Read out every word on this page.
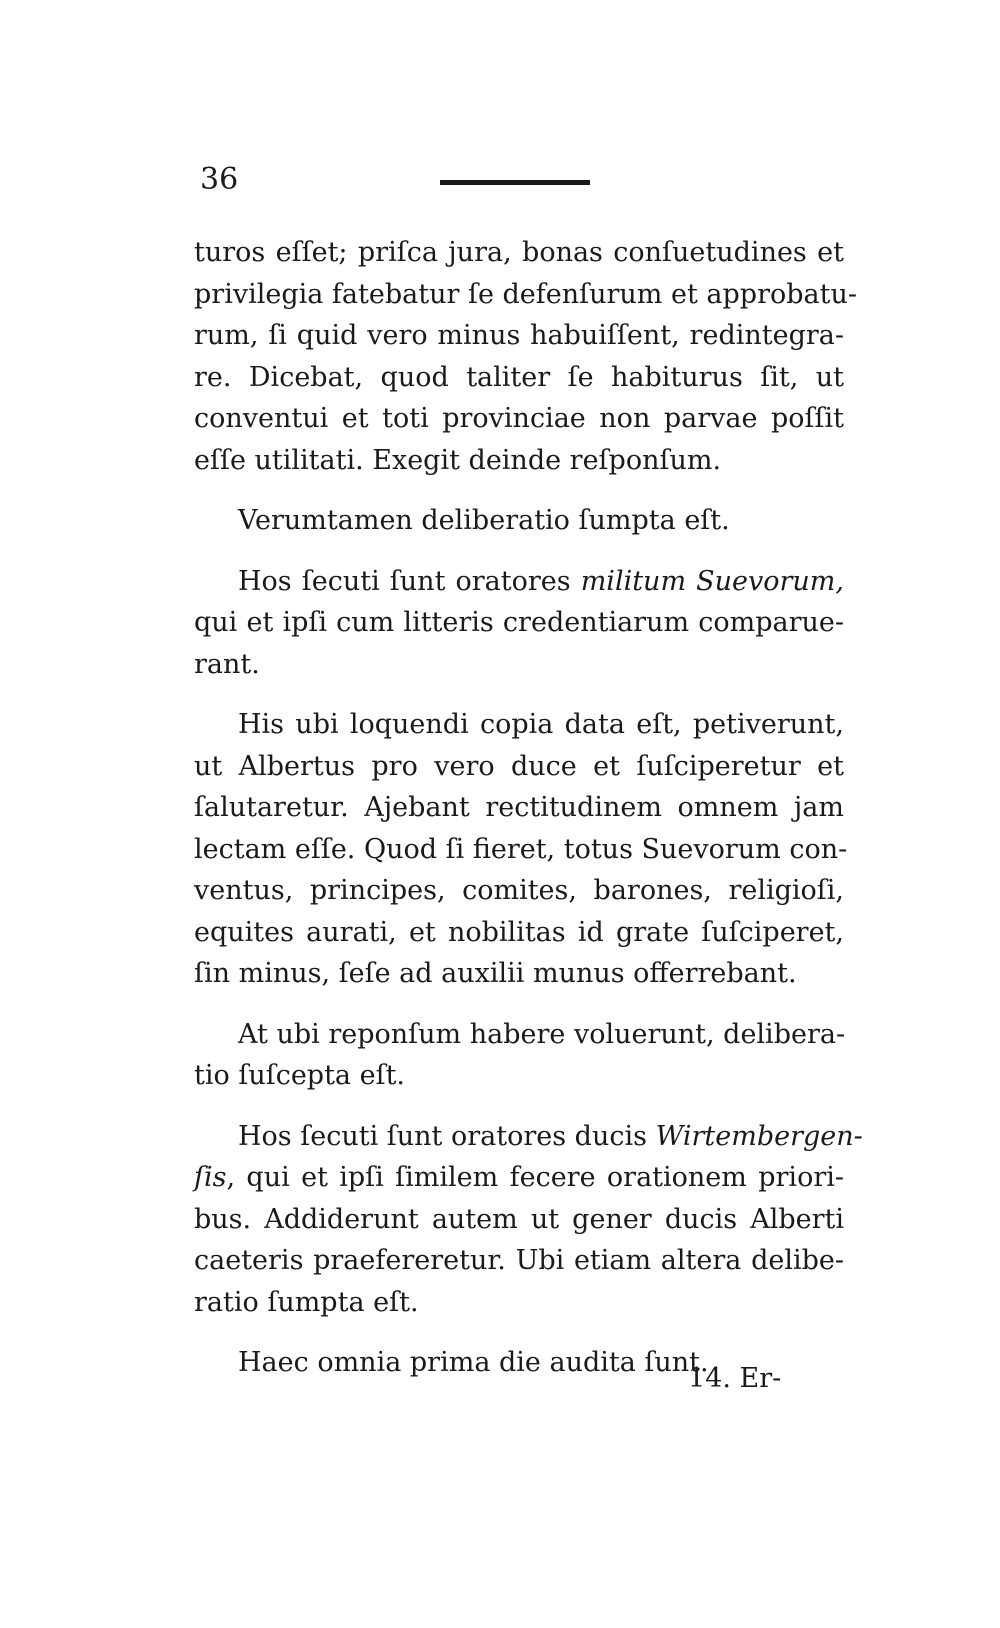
36

turos eſſet; priſca jura, bonas conſuetudines et
privilegia fatebatur ſe defenſurum et approbatu-
rum, ſi quid vero minus habuiſſent, redintegra-
re. Dicebat, quod taliter ſe habiturus ſit, ut
conventui et toti provinciae non parvae poſſit
eſſe utilitati. Exegit deinde reſponſum.

Verumtamen deliberatio ſumpta eſt.

Hos ſecuti ſunt oratores militum Suevorum,
qui et ipſi cum litteris credentiarum comparue-
rant.

His ubi loquendi copia data eſt, petiverunt,
ut Albertus pro vero duce et ſuſciperetur et
ſalutaretur. Ajebant rectitudinem omnem jam
lectam eſſe. Quod ſi fieret, totus Suevorum con-
ventus, principes, comites, barones, religioſi,
equites aurati, et nobilitas id grate ſuſciperet,
ſin minus, ſeſe ad auxilii munus offerrebant.

At ubi reponſum habere voluerunt, delibera-
tio ſuſcepta eſt.

Hos ſecuti ſunt oratores ducis Wirtembergen-
ſis, qui et ipſi ſimilem fecere orationem priori-
bus. Addiderunt autem ut gener ducis Alberti
caeteris praefereretur. Ubi etiam altera delibe-
ratio ſumpta eſt.

Haec omnia prima die audita ſunt.

14. Er-
